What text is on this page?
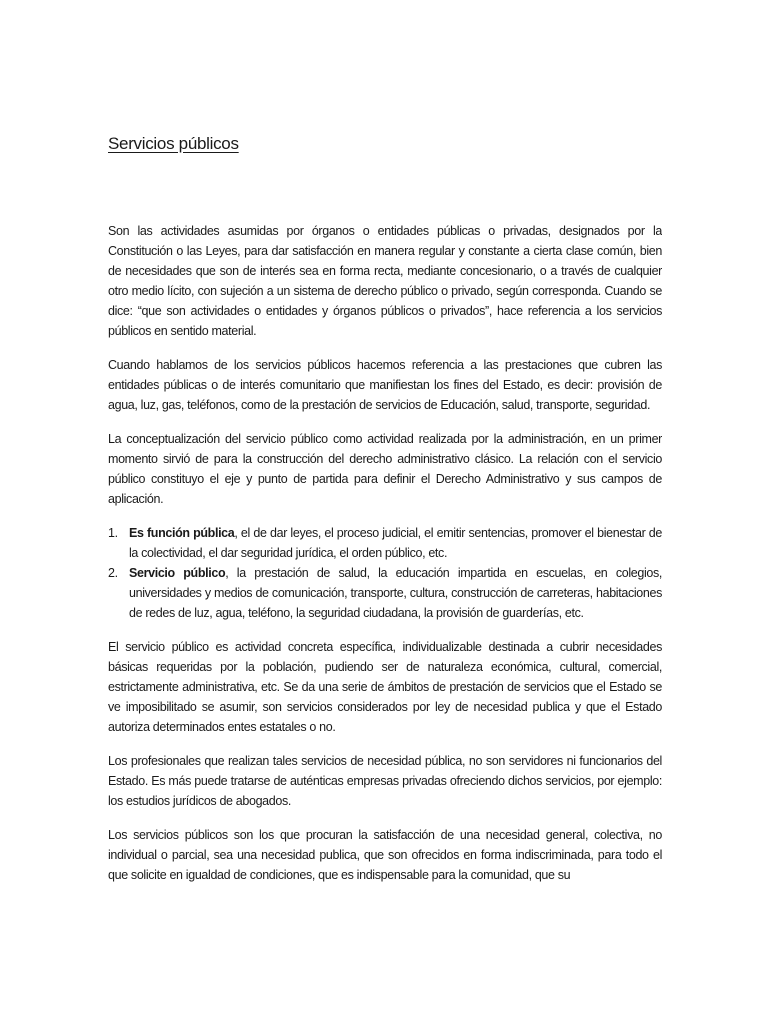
Servicios públicos

Son las actividades asumidas por órganos o entidades públicas o privadas, designados por la Constitución o las Leyes, para dar satisfacción en manera regular y constante a cierta clase común, bien de necesidades que son de interés sea en forma recta, mediante concesionario, o a través de cualquier otro medio lícito, con sujeción a un sistema de derecho público o privado, según corresponda. Cuando se dice: “que son actividades o entidades y órganos públicos o privados”, hace referencia a los servicios públicos en sentido material.

Cuando hablamos de los servicios públicos hacemos referencia a las prestaciones que cubren las entidades públicas o de interés comunitario que manifiestan los fines del Estado, es decir: provisión de agua, luz, gas, teléfonos, como de la prestación de servicios de Educación, salud, transporte, seguridad.

La conceptualización del servicio público como actividad realizada por la administración, en un primer momento sirvió de para la construcción del derecho administrativo clásico. La relación con el servicio público constituyo el eje y punto de partida para definir el Derecho Administrativo y sus campos de aplicación.

1. Es función pública, el de dar leyes, el proceso judicial, el emitir sentencias, promover el bienestar de la colectividad, el dar seguridad jurídica, el orden público, etc.
2. Servicio público, la prestación de salud, la educación impartida en escuelas, en colegios, universidades y medios de comunicación, transporte, cultura, construcción de carreteras, habitaciones de redes de luz, agua, teléfono, la seguridad ciudadana, la provisión de guarderías, etc.

El servicio público es actividad concreta específica, individualizable destinada a cubrir necesidades básicas requeridas por la población, pudiendo ser de naturaleza económica, cultural, comercial, estrictamente administrativa, etc. Se da una serie de ámbitos de prestación de servicios que el Estado se ve imposibilitado se asumir, son servicios considerados por ley de necesidad publica y que el Estado autoriza determinados entes estatales o no.

Los profesionales que realizan tales servicios de necesidad pública, no son servidores ni funcionarios del Estado. Es más puede tratarse de auténticas empresas privadas ofreciendo dichos servicios, por ejemplo: los estudios jurídicos de abogados.

Los servicios públicos son los que procuran la satisfacción de una necesidad general, colectiva, no individual o parcial, sea una necesidad publica, que son ofrecidos en forma indiscriminada, para todo el que solicite en igualdad de condiciones, que es indispensable para la comunidad, que su
